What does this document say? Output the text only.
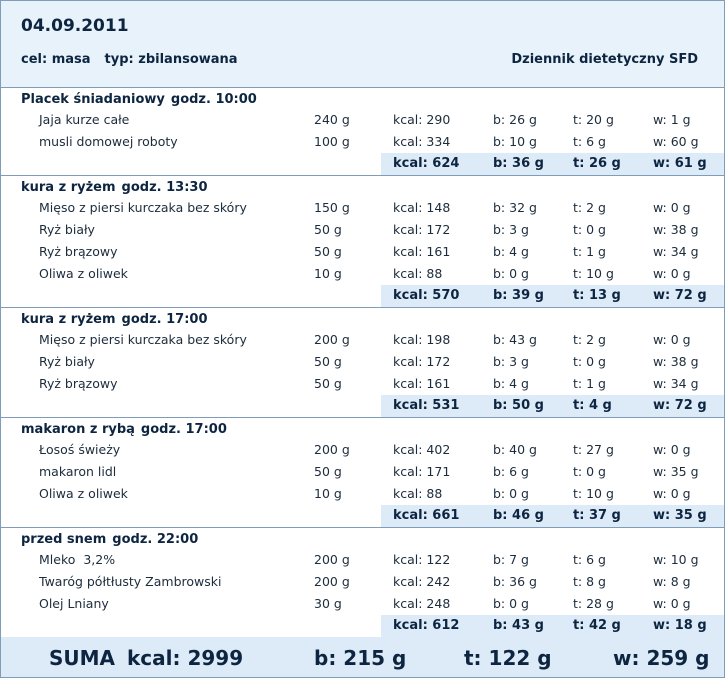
04.09.2011
cel: masa typ: zbilansowana	Dziennik dietetyczny SFD
Placek śniadaniowy godz. 10:00
Jaja kurze całe	240 g	kcal: 290	b: 26 g	t: 20 g	w: 1 g
musli domowej roboty	100 g	kcal: 334	b: 10 g	t: 6 g	w: 60 g
kcal: 624	b: 36 g t: 26 g w: 61 g
kura z ryżem godz. 13:30
Mięso z piersi kurczaka bez skóry	150 g	kcal: 148	b: 32 g	t: 2 g	w: 0 g
Ryż biały	50 g	kcal: 172	b: 3 g	t: 0 g	w: 38 g
Ryż brązowy	50 g	kcal: 161	b: 4 g	t: 1 g	w: 34 g
Oliwa z oliwek	10 g	kcal: 88	b: 0 g	t: 10 g	w: 0 g
kcal: 570	b: 39 g t: 13 g w: 72 g
kura z ryżem godz. 17:00
Mięso z piersi kurczaka bez skóry	200 g	kcal: 198	b: 43 g	t: 2 g	w: 0 g
Ryż biały	50 g	kcal: 172	b: 3 g	t: 0 g	w: 38 g
Ryż brązowy	50 g	kcal: 161	b: 4 g	t: 1 g	w: 34 g
kcal: 531	b: 50 g t: 4 g	w: 72 g
makaron z rybą godz. 17:00
Łosoś świeży	200 g	kcal: 402	b: 40 g	t: 27 g	w: 0 g
makaron lidl	50 g	kcal: 171	b: 6 g	t: 0 g	w: 35 g
Oliwa z oliwek	10 g	kcal: 88	b: 0 g	t: 10 g	w: 0 g
kcal: 661	b: 46 g t: 37 g w: 35 g
przed snem godz. 22:00
Mleko  3,2%	200 g	kcal: 122	b: 7 g	t: 6 g	w: 10 g
Twaróg półtłusty Zambrowski	200 g	kcal: 242	b: 36 g	t: 8 g	w: 8 g
Olej Lniany	30 g	kcal: 248	b: 0 g	t: 28 g	w: 0 g
kcal: 612	b: 43 g t: 42 g w: 18 g
SUMA kcal: 2999	b: 215 g	t: 122 g	w: 259 g
